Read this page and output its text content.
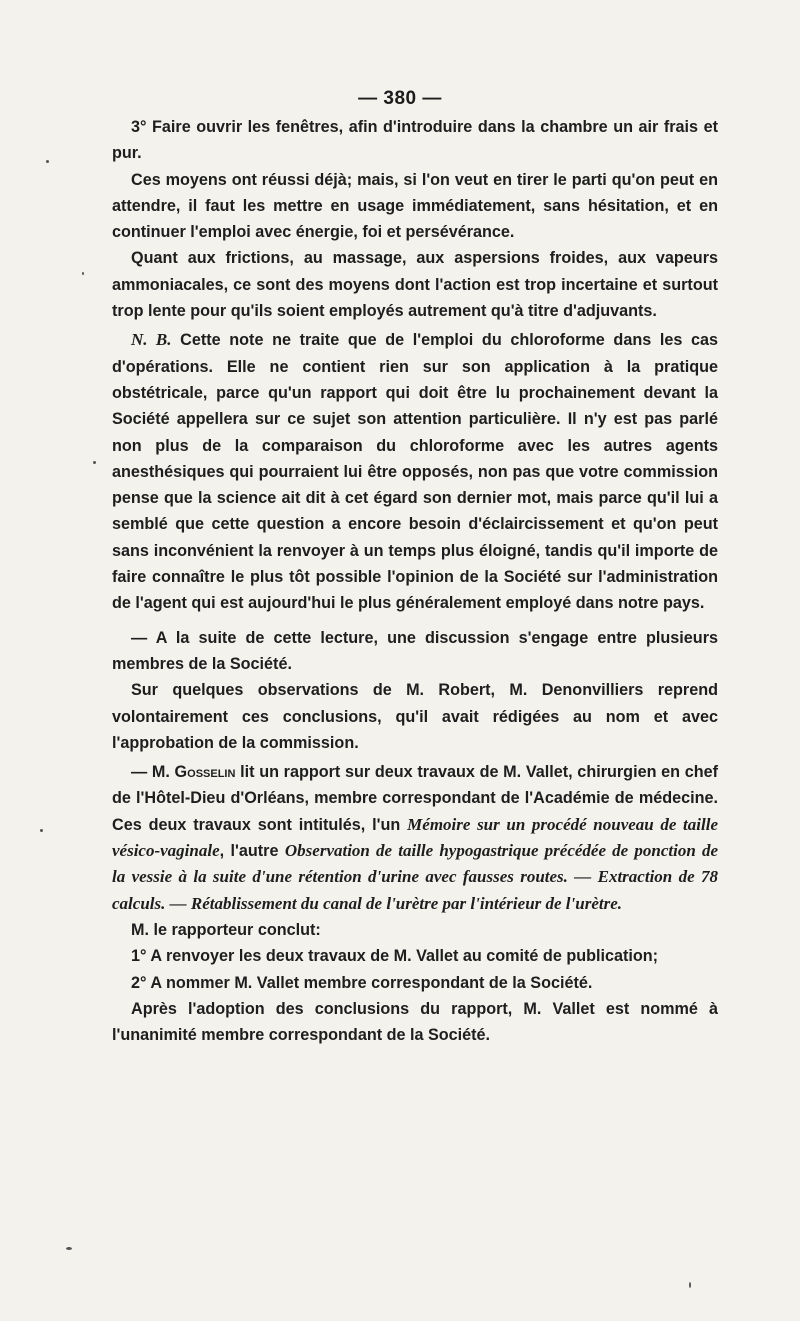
— 380 —

3° Faire ouvrir les fenêtres, afin d'introduire dans la chambre un air frais et pur.

Ces moyens ont réussi déjà; mais, si l'on veut en tirer le parti qu'on peut en attendre, il faut les mettre en usage immédiatement, sans hésitation, et en continuer l'emploi avec énergie, foi et persévérance.

Quant aux frictions, au massage, aux aspersions froides, aux vapeurs ammoniacales, ce sont des moyens dont l'action est trop incertaine et surtout trop lente pour qu'ils soient employés autrement qu'à titre d'adjuvants.

N. B. Cette note ne traite que de l'emploi du chloroforme dans les cas d'opérations. Elle ne contient rien sur son application à la pratique obstétricale, parce qu'un rapport qui doit être lu prochainement devant la Société appellera sur ce sujet son attention particulière. Il n'y est pas parlé non plus de la comparaison du chloroforme avec les autres agents anesthésiques qui pourraient lui être opposés, non pas que votre commission pense que la science ait dit à cet égard son dernier mot, mais parce qu'il lui a semblé que cette question a encore besoin d'éclaircissement et qu'on peut sans inconvénient la renvoyer à un temps plus éloigné, tandis qu'il importe de faire connaître le plus tôt possible l'opinion de la Société sur l'administration de l'agent qui est aujourd'hui le plus généralement employé dans notre pays.

— A la suite de cette lecture, une discussion s'engage entre plusieurs membres de la Société.

Sur quelques observations de M. Robert, M. Denonvilliers reprend volontairement ces conclusions, qu'il avait rédigées au nom et avec l'approbation de la commission.

— M. Gosselin lit un rapport sur deux travaux de M. Vallet, chirurgien en chef de l'Hôtel-Dieu d'Orléans, membre correspondant de l'Académie de médecine. Ces deux travaux sont intitulés, l'un Mémoire sur un procédé nouveau de taille vésico-vaginale, l'autre Observation de taille hypogastrique précédée de ponction de la vessie à la suite d'une rétention d'urine avec fausses routes. — Extraction de 78 calculs. — Rétablissement du canal de l'urètre par l'intérieur de l'urètre.

M. le rapporteur conclut:

1° A renvoyer les deux travaux de M. Vallet au comité de publication;

2° A nommer M. Vallet membre correspondant de la Société.

Après l'adoption des conclusions du rapport, M. Vallet est nommé à l'unanimité membre correspondant de la Société.
